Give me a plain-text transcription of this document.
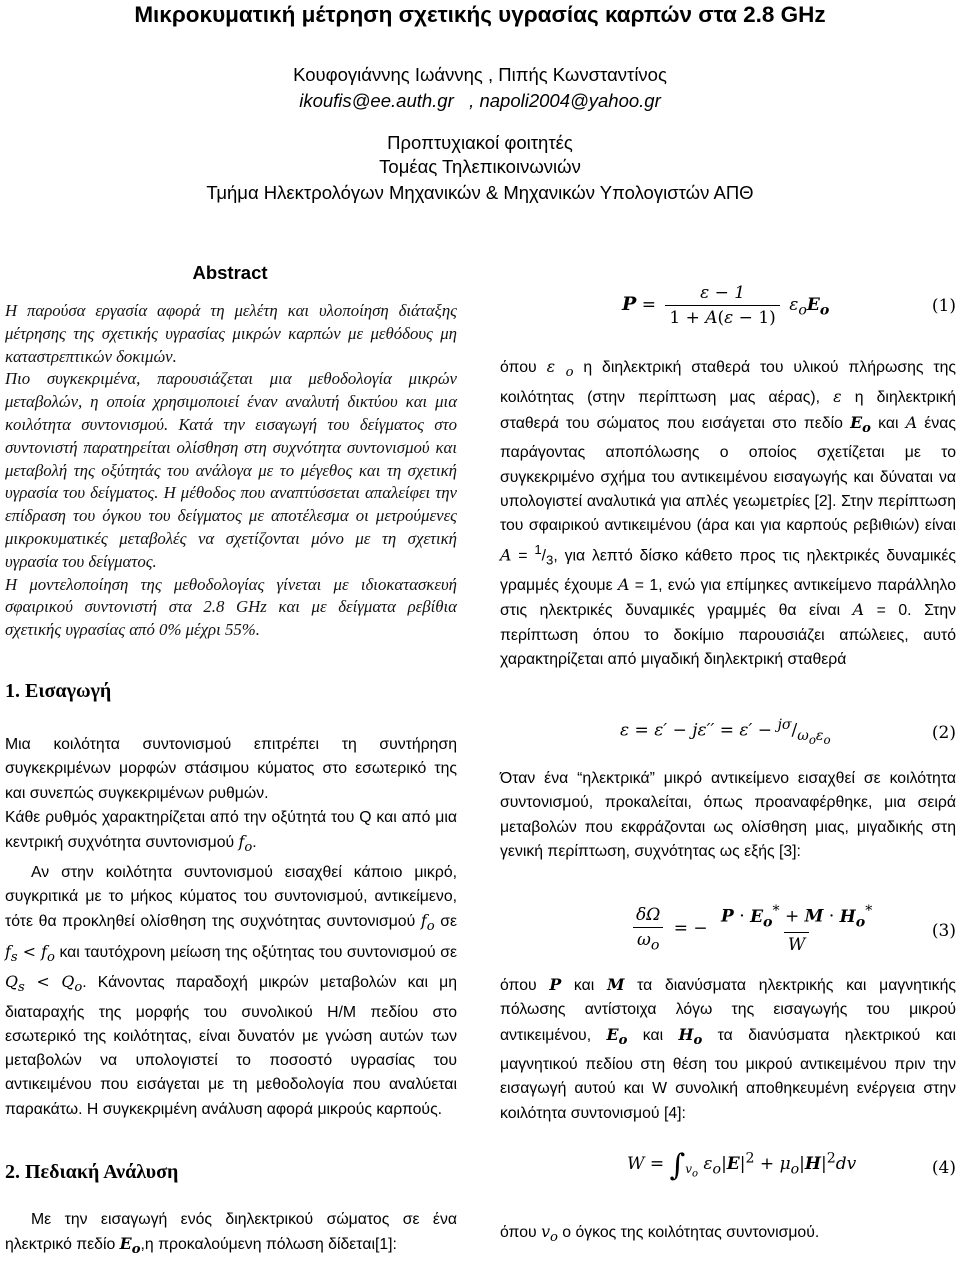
Μικροκυματική μέτρηση σχετικής υγρασίας καρπών στα 2.8 GHz
Κουφογιάννης Ιωάννης , Πιπής Κωνσταντίνος
ikoufis@ee.auth.gr , napoli2004@yahoo.gr
Προπτυχιακοί φοιτητές
Τομέας Τηλεπικοινωνιών
Τμήμα Ηλεκτρολόγων Μηχανικών & Μηχανικών Υπολογιστών ΑΠΘ
Abstract

Η παρούσα εργασία αφορά τη μελέτη και υλοποίηση διάταξης μέτρησης της σχετικής υγρασίας μικρών καρπών με μεθόδους μη καταστρεπτικών δοκιμών.

Πιο συγκεκριμένα, παρουσιάζεται μια μεθοδολογία μικρών μεταβολών, η οποία χρησιμοποιεί έναν αναλυτή δικτύου και μια κοιλότητα συντονισμού. Κατά την εισαγωγή του δείγματος στο συντονιστή παρατηρείται ολίσθηση στη συχνότητα συντονισμού και μεταβολή της οξύτητάς του ανάλογα με το μέγεθος και τη σχετική υγρασία του δείγματος. Η μέθοδος που αναπτύσσεται απαλείφει την επίδραση του όγκου του δείγματος με αποτέλεσμα οι μετρούμενες μικροκυματικές μεταβολές να σχετίζονται μόνο με τη σχετική υγρασία του δείγματος.

Η μοντελοποίηση της μεθοδολογίας γίνεται με ιδιοκατασκευή σφαιρικού συντονιστή στα 2.8 GHz και με δείγματα ρεβίθια σχετικής υγρασίας από 0% μέχρι 55%.

1. Εισαγωγή

Μια κοιλότητα συντονισμού επιτρέπει τη συντήρηση συγκεκριμένων μορφών στάσιμου κύματος στο εσωτερικό της και συνεπώς συγκεκριμένων ρυθμών.

Κάθε ρυθμός χαρακτηρίζεται από την οξύτητά του Q και από μια κεντρική συχνότητα συντονισμού $f_o$.

Αν στην κοιλότητα συντονισμού εισαχθεί κάποιο μικρό, συγκριτικά με το μήκος κύματος του συντονισμού, αντικείμενο, τότε θα προκληθεί ολίσθηση της συχνότητας συντονισμού $f_o$ σε $f_s < f_o$ και ταυτόχρονη μείωση της οξύτητας του συντονισμού σε $Q_s < Q_o$. Κάνοντας παραδοχή μικρών μεταβολών και μη διαταραχής της μορφής του συνολικού Η/Μ πεδίου στο εσωτερικό της κοιλότητας, είναι δυνατόν με γνώση αυτών των μεταβολών να υπολογιστεί το ποσοστό υγρασίας του αντικειμένου που εισάγεται με τη μεθοδολογία που αναλύεται παρακάτω. Η συγκεκριμένη ανάλυση αφορά μικρούς καρπούς.

2. Πεδιακή Ανάλυση

Με την εισαγωγή ενός διηλεκτρικού σώματος σε ένα ηλεκτρικό πεδίο $E_o,\eta$ προκαλούμενη πόλωση δίδεται[1]:

$P = \frac{\varepsilon - 1}{1 + A(\varepsilon - 1)} \varepsilon_oE_o$	(1)

όπου ε $_o$ η διηλεκτρική σταθερά του υλικού πλήρωσης της κοιλότητας (στην περίπτωση μας αέρας), ε η διηλεκτρική σταθερά του σώματος που εισάγεται στο πεδίο $E_o$ και A ένας παράγοντας αποπόλωσης ο οποίος σχετίζεται με το συγκεκριμένο σχήμα του αντικειμένου εισαγωγής και δύναται να υπολογιστεί αναλυτικά για απλές γεωμετρίες [2]. Στην περίπτωση του σφαιρικού αντικειμένου (άρα και για καρπούς ρεβιθιών) είναι $A = ^1/_3$, για λεπτό δίσκο κάθετο προς τις ηλεκτρικές δυναμικές γραμμές έχουμε A = 1, ενώ για επίμηκες αντικείμενο παράλληλο στις ηλεκτρικές δυναμικές γραμμές θα είναι A = 0. Στην περίπτωση όπου το δοκίμιο παρουσιάζει απώλειες, αυτό χαρακτηρίζεται από μιγαδική διηλεκτρική σταθερά

$\varepsilon = \varepsilon' - j\varepsilon'' = \varepsilon' - ^{j\sigma}/_{\omega_o\varepsilon_o}$	(2)

Όταν ένα “ηλεκτρικά” μικρό αντικείμενο εισαχθεί σε κοιλότητα συντονισμού, προκαλείται, όπως προαναφέρθηκε, μια σειρά μεταβολών που εκφράζονται ως ολίσθηση μιας, μιγαδικής στη γενική περίπτωση, συχνότητας ως εξής [3]:

$\frac{\delta\Omega}{\omega_o}$ = − $\frac{P \cdot E_o^* + M \cdot H_o^*}{W}$	(3)

όπου P και M τα διανύσματα ηλεκτρικής και μαγνητικής πόλωσης αντίστοιχα λόγω της εισαγωγής του μικρού αντικειμένου, $E_o$ και $H_o$ τα διανύσματα ηλεκτρικού και μαγνητικού πεδίου στη θέση του μικρού αντικειμένου πριν την εισαγωγή αυτού και W συνολική αποθηκευμένη ενέργεια στην κοιλότητα συντονισμού [4]:

$W = \int_{v_o}$ $\varepsilon_o|E|^2 + \mu_o|H|^2dv$	(4)

όπου $v_o$ ο όγκος της κοιλότητας συντονισμού.
